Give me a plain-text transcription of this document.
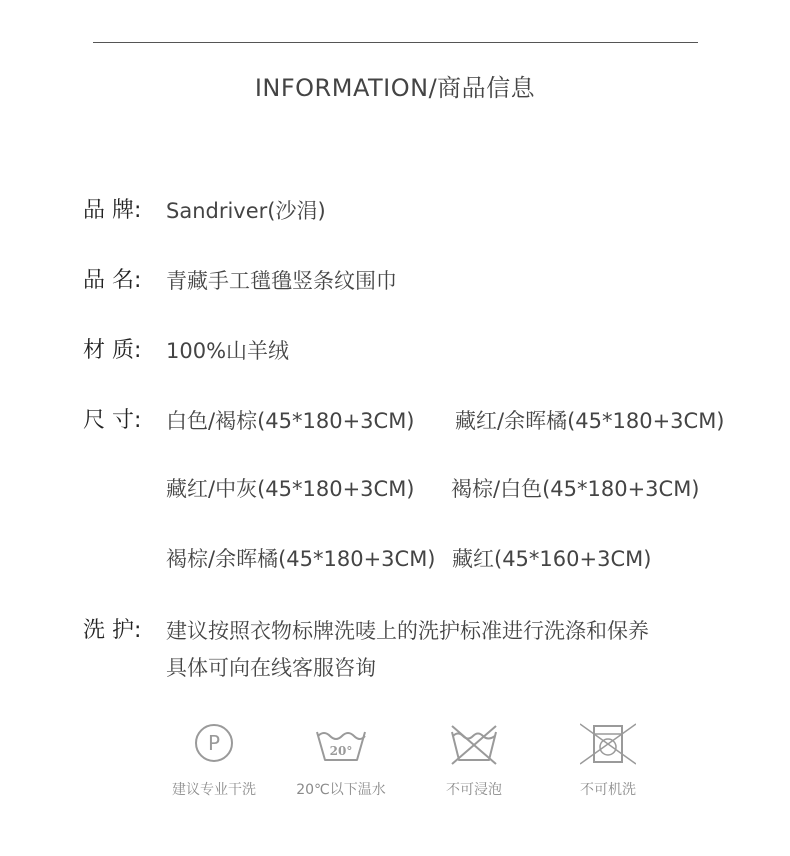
INFORMATION/商品信息
品 牌: Sandriver(沙涓)
品 名: 青藏手工氆氇竖条纹围巾
材 质: 100%山羊绒
尺 寸: 白色/褐棕(45*180+3CM) 藏红/余晖橘(45*180+3CM)
藏红/中灰(45*180+3CM) 褐棕/白色(45*180+3CM)
褐棕/余晖橘(45*180+3CM) 藏红(45*160+3CM)
洗 护: 建议按照衣物标牌洗唛上的洗护标准进行洗涤和保养
具体可向在线客服咨询
P
建议专业干洗
20°
20℃以下温水	不可浸泡	不可机洗
